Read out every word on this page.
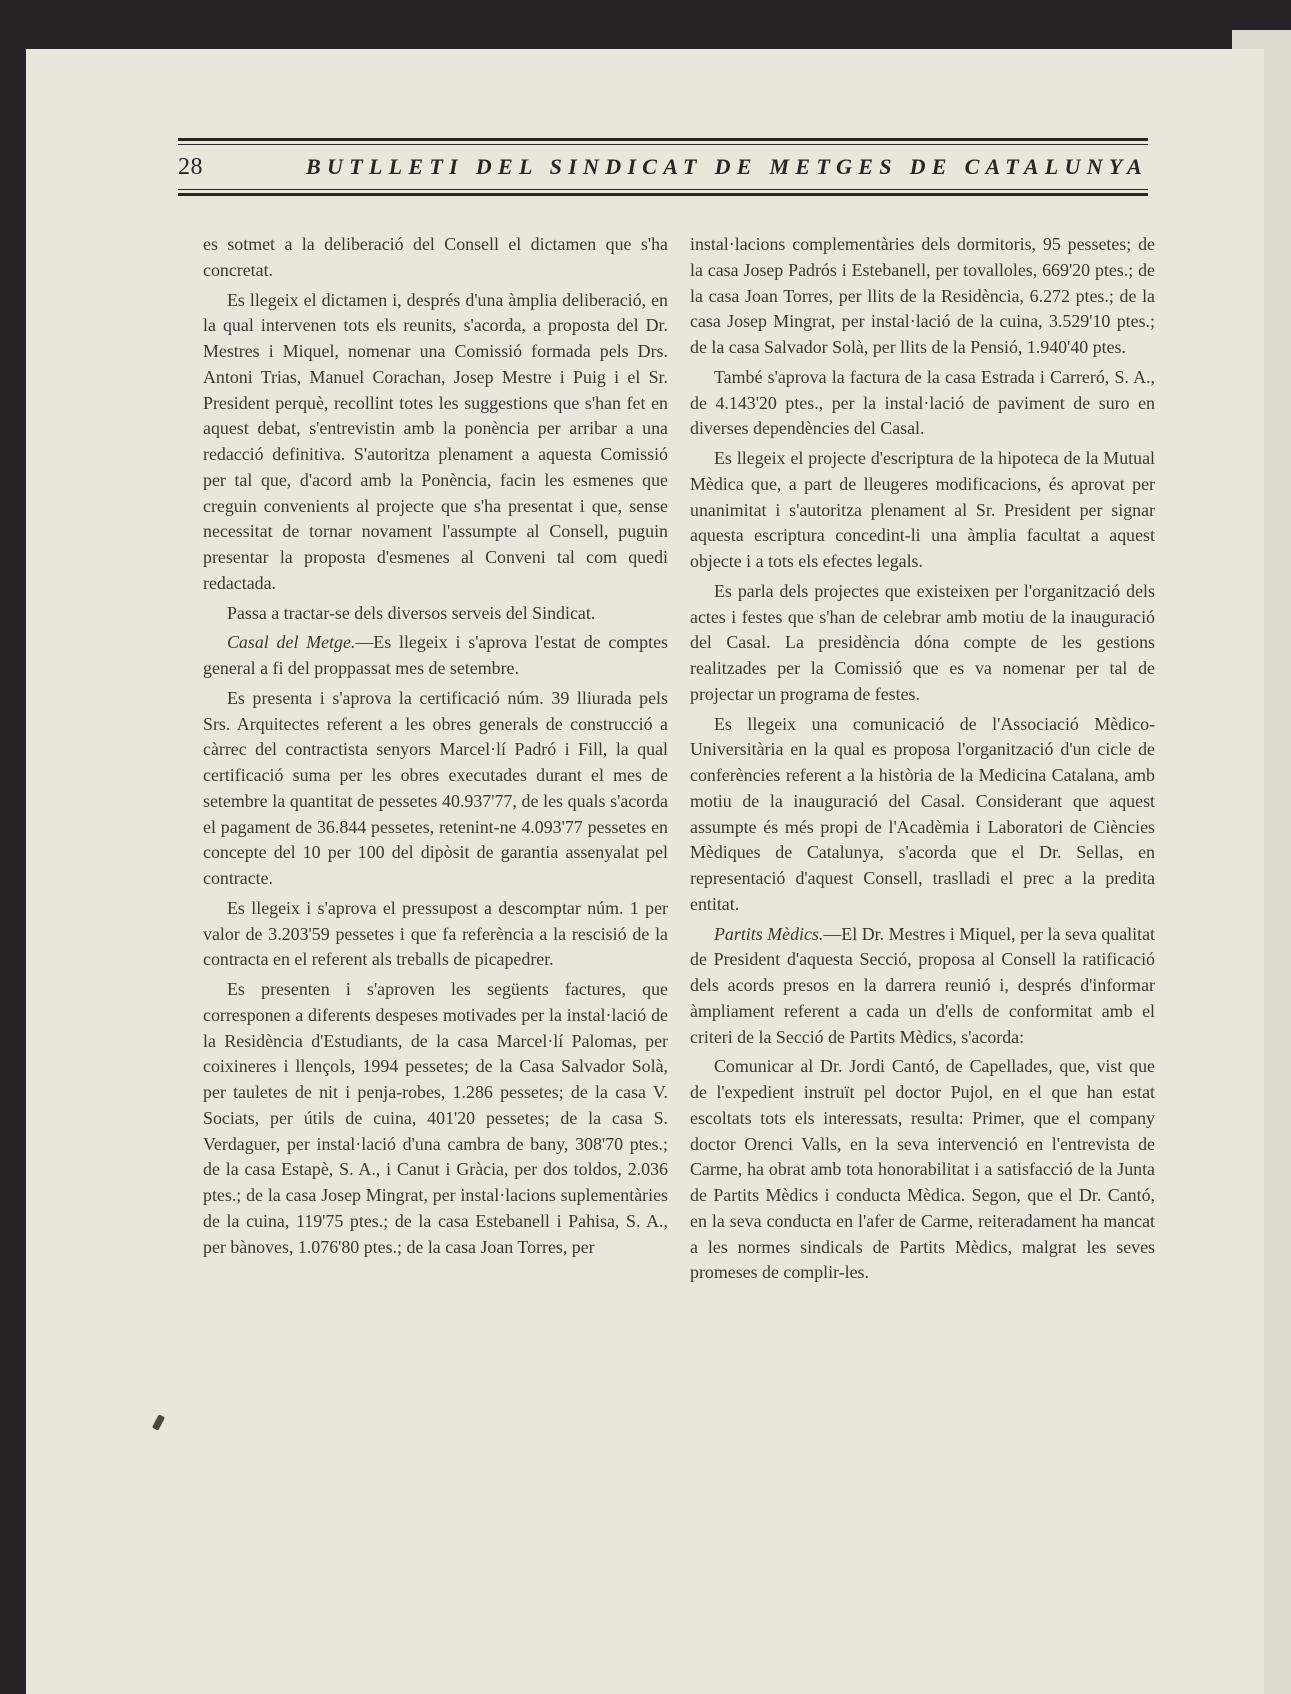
28	BUTLLETI DEL SINDICAT DE METGES DE CATALUNYA

es sotmet a la deliberació del Consell el dictamen que s'ha concretat.

Es llegeix el dictamen i, després d'una àmplia deliberació, en la qual intervenen tots els reunits, s'acorda, a proposta del Dr. Mestres i Miquel, nomenar una Comissió formada pels Drs. Antoni Trias, Manuel Corachan, Josep Mestre i Puig i el Sr. President perquè, recollint totes les suggestions que s'han fet en aquest debat, s'entrevistin amb la ponència per arribar a una redacció definitiva. S'autoritza plenament a aquesta Comissió per tal que, d'acord amb la Ponència, facin les esmenes que creguin convenients al projecte que s'ha presentat i que, sense necessitat de tornar novament l'assumpte al Consell, puguin presentar la proposta d'esmenes al Conveni tal com quedi redactada.

Passa a tractar-se dels diversos serveis del Sindicat.

Casal del Metge.—Es llegeix i s'aprova l'estat de comptes general a fi del proppassat mes de setembre.

Es presenta i s'aprova la certificació núm. 39 lliurada pels Srs. Arquitectes referent a les obres generals de construcció a càrrec del contractista senyors Marcel·lí Padró i Fill, la qual certificació suma per les obres executades durant el mes de setembre la quantitat de pessetes 40.937'77, de les quals s'acorda el pagament de 36.844 pessetes, retenint-ne 4.093'77 pessetes en concepte del 10 per 100 del dipòsit de garantia assenyalat pel contracte.

Es llegeix i s'aprova el pressupost a descomptar núm. 1 per valor de 3.203'59 pessetes i que fa referència a la rescisió de la contracta en el referent als treballs de picapedrer.

Es presenten i s'aproven les següents factures, que corresponen a diferents despeses motivades per la instal·lació de la Residència d'Estudiants, de la casa Marcel·lí Palomas, per coixineres i llençols, 1994 pessetes; de la Casa Salvador Solà, per tauletes de nit i penja-robes, 1.286 pessetes; de la casa V. Sociats, per útils de cuina, 401'20 pessetes; de la casa S. Verdaguer, per instal·lació d'una cambra de bany, 308'70 ptes.; de la casa Estapè, S. A., i Canut i Gràcia, per dos toldos, 2.036 ptes.; de la casa Josep Mingrat, per instal·lacions suplementàries de la cuina, 119'75 ptes.; de la casa Estebanell i Pahisa, S. A., per bànoves, 1.076'80 ptes.; de la casa Joan Torres, per

instal·lacions complementàries dels dormitoris, 95 pessetes; de la casa Josep Padrós i Estebanell, per tovalloles, 669'20 ptes.; de la casa Joan Torres, per llits de la Residència, 6.272 ptes.; de la casa Josep Mingrat, per instal·lació de la cuina, 3.529'10 ptes.; de la casa Salvador Solà, per llits de la Pensió, 1.940'40 ptes.

També s'aprova la factura de la casa Estrada i Carreró, S. A., de 4.143'20 ptes., per la instal·lació de paviment de suro en diverses dependències del Casal.

Es llegeix el projecte d'escriptura de la hipoteca de la Mutual Mèdica que, a part de lleugeres modificacions, és aprovat per unanimitat i s'autoritza plenament al Sr. President per signar aquesta escriptura concedint-li una àmplia facultat a aquest objecte i a tots els efectes legals.

Es parla dels projectes que existeixen per l'organització dels actes i festes que s'han de celebrar amb motiu de la inauguració del Casal. La presidència dóna compte de les gestions realitzades per la Comissió que es va nomenar per tal de projectar un programa de festes.

Es llegeix una comunicació de l'Associació Mèdico-Universitària en la qual es proposa l'organització d'un cicle de conferències referent a la història de la Medicina Catalana, amb motiu de la inauguració del Casal. Considerant que aquest assumpte és més propi de l'Acadèmia i Laboratori de Ciències Mèdiques de Catalunya, s'acorda que el Dr. Sellas, en representació d'aquest Consell, traslladi el prec a la predita entitat.

Partits Mèdics.—El Dr. Mestres i Miquel, per la seva qualitat de President d'aquesta Secció, proposa al Consell la ratificació dels acords presos en la darrera reunió i, després d'informar àmpliament referent a cada un d'ells de conformitat amb el criteri de la Secció de Partits Mèdics, s'acorda:

Comunicar al Dr. Jordi Cantó, de Capellades, que, vist que de l'expedient instruït pel doctor Pujol, en el que han estat escoltats tots els interessats, resulta: Primer, que el company doctor Orenci Valls, en la seva intervenció en l'entrevista de Carme, ha obrat amb tota honorabilitat i a satisfacció de la Junta de Partits Mèdics i conducta Mèdica. Segon, que el Dr. Cantó, en la seva conducta en l'afer de Carme, reiteradament ha mancat a les normes sindicals de Partits Mèdics, malgrat les seves promeses de complir-les.
